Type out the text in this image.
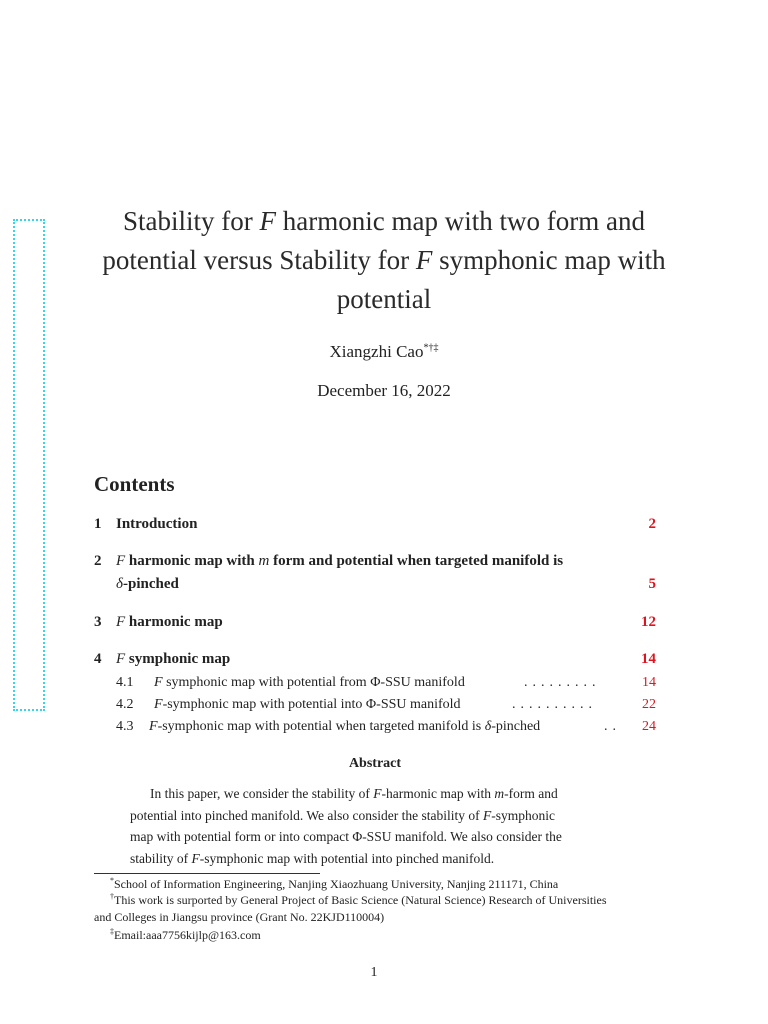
Stability for F harmonic map with two form and
potential versus Stability for F symphonic map with
potential
Xiangzhi Cao*†‡
December 16, 2022
Contents
1 Introduction	2
2 F harmonic map with m form and potential when targeted manifold is
δ-pinched	5
3 F harmonic map	12
4 F symphonic map	14
4.1 F symphonic map with potential from Φ-SSU manifold	.........	14
4.2 F-symphonic map with potential into Φ-SSU manifold	..........	22
4.3 F-symphonic map with potential when targeted manifold is δ-pinched	.. 24
Abstract
In this paper, we consider the stability of F-harmonic map with m-form and
potential into pinched manifold. We also consider the stability of F-symphonic
map with potential form or into compact Φ-SSU manifold. We also consider the
stability of F-symphonic map with potential into pinched manifold.
*School of Information Engineering, Nanjing Xiaozhuang University, Nanjing 211171, China
†This work is surported by General Project of Basic Science (Natural Science) Research of Universities
and Colleges in Jiangsu province (Grant No. 22KJD110004)
‡Email:aaa7756kijlp@163.com
1
